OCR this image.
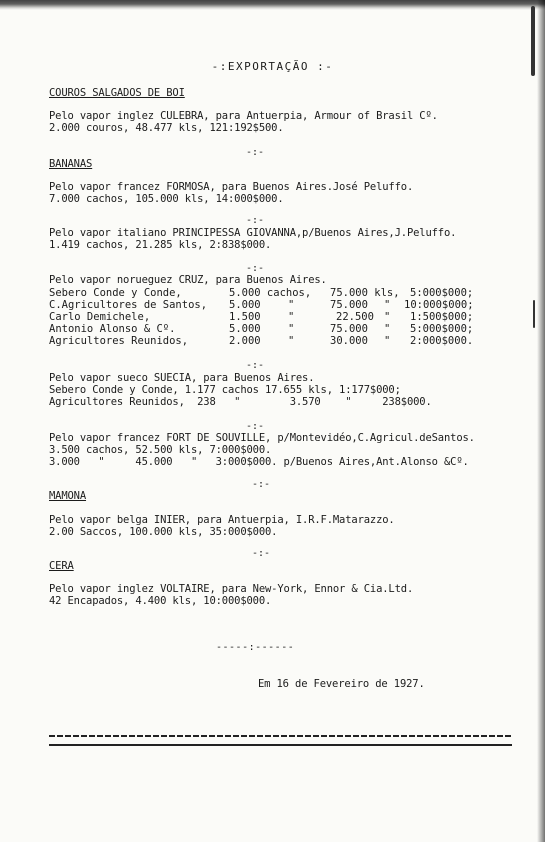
-:EXPORTAÇÃO :-
COUROS SALGADOS DE BOI
Pelo vapor inglez CULEBRA, para Antuerpia, Armour of Brasil Cº.
2.000 couros, 48.477 kls, 121:192$500.
-:-
BANANAS
Pelo vapor francez FORMOSA, para Buenos Aires.José Peluffo.
7.000 cachos, 105.000 kls, 14:000$000.
-:-
Pelo vapor italiano PRINCIPESSA GIOVANNA,p/Buenos Aires,J.Peluffo.
1.419 cachos, 21.285 kls, 2:838$000.
-:-
Pelo vapor norueguez CRUZ, para Buenos Aires.
Sebero Conde y Conde,	5.000 cachos, 75.000 kls, 5:000$000;
C.Agricultores de Santos, 5.000	"	75.000 " 10:000$000;
Carlo Demichele,	1.500	"	22.500 " 1:500$000;
Antonio Alonso & Cº.	5.000	"	75.000 " 5:000$000;
Agricultores Reunidos,	2.000	"	30.000 " 2:000$000.
-:-
Pelo vapor sueco SUECIA, para Buenos Aires.
Sebero Conde y Conde, 1.177 cachos 17.655 kls, 1:177$000;
Agricultores Reunidos,  238   "        3.570    "     238$000.
-:-
Pelo vapor francez FORT DE SOUVILLE, p/Montevidéo,C.Agricul.deSantos.
3.500 cachos, 52.500 kls, 7:000$000.
3.000   "     45.000   "   3:000$000. p/Buenos Aires,Ant.Alonso &Cº.
-:-
MAMONA
Pelo vapor belga INIER, para Antuerpia, I.R.F.Matarazzo.
2.00 Saccos, 100.000 kls, 35:000$000.
-:-
CERA
Pelo vapor inglez VOLTAIRE, para New-York, Ennor & Cia.Ltd.
42 Encapados, 4.400 kls, 10:000$000.
-----:------
Em 16 de Fevereiro de 1927.
